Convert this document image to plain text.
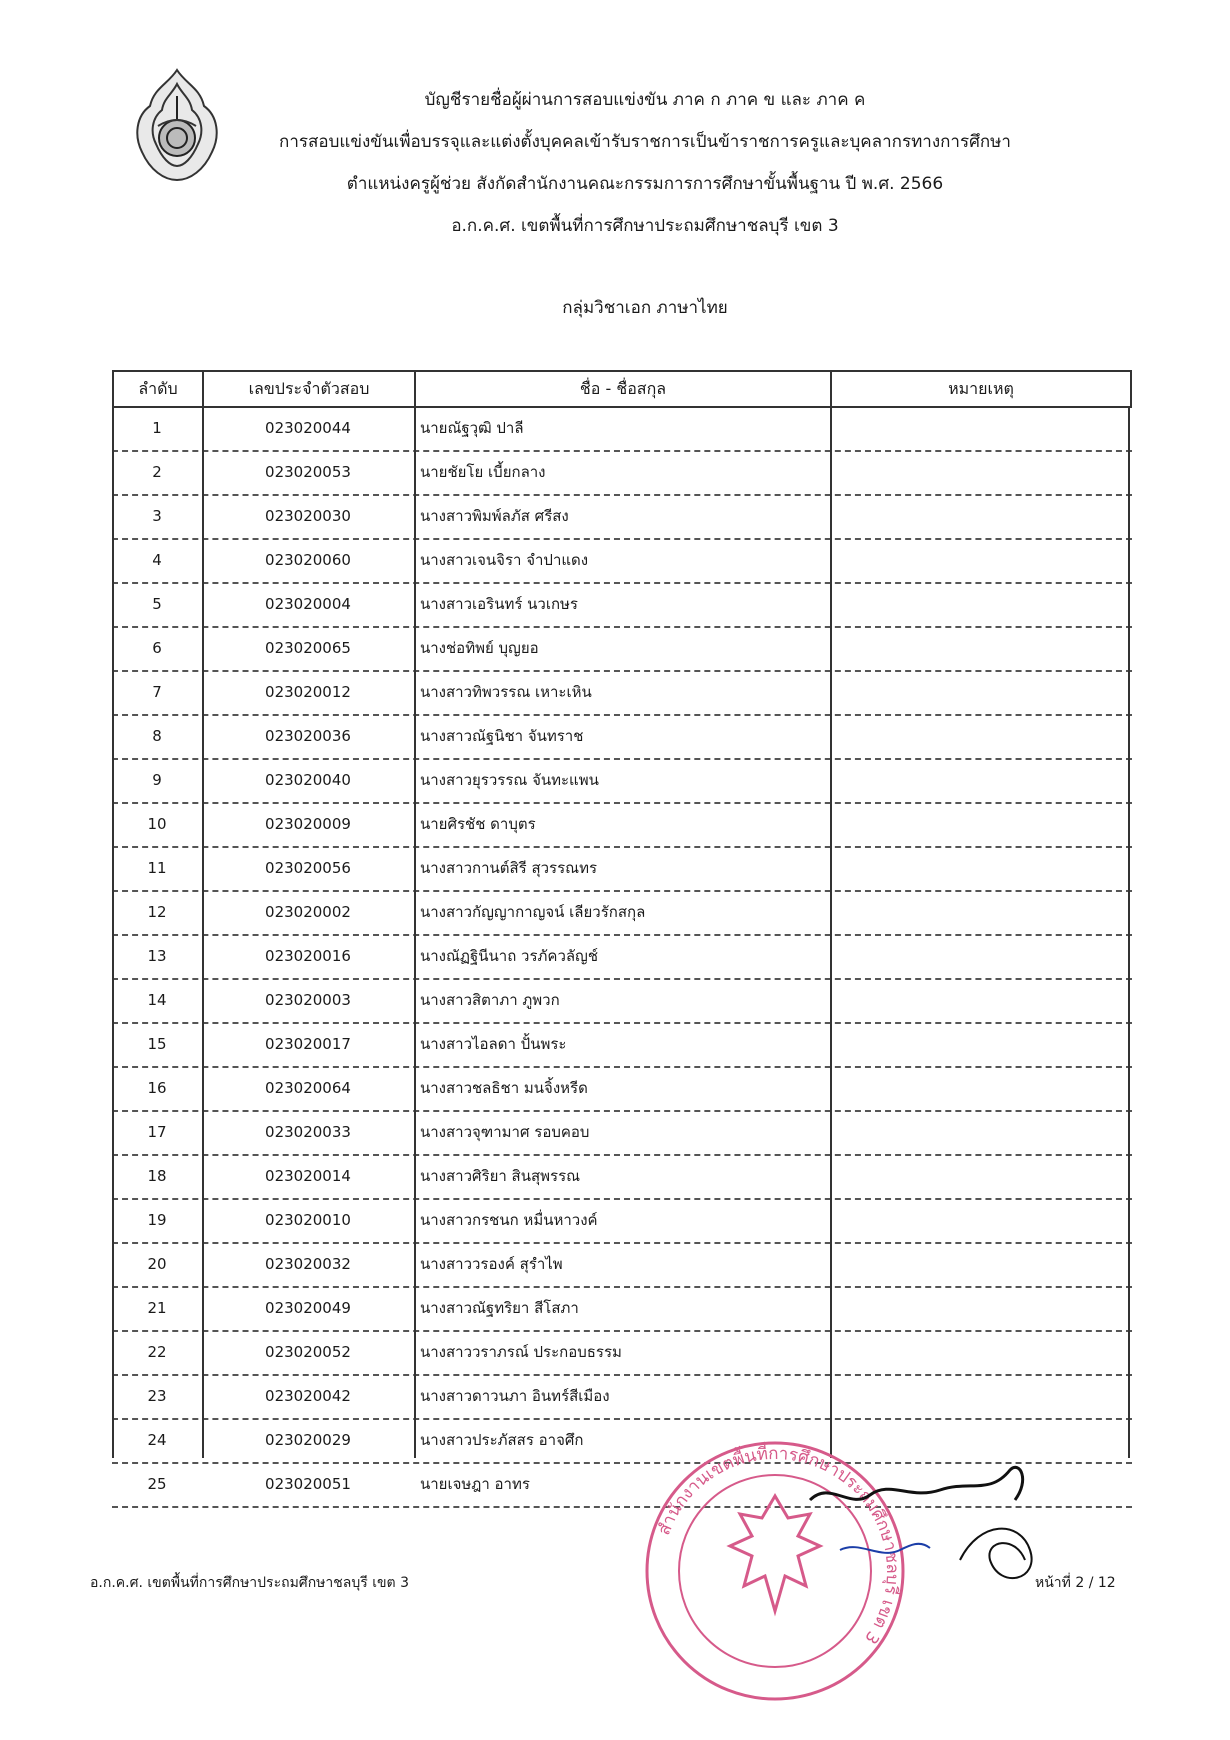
บัญชีรายชื่อผู้ผ่านการสอบแข่งขัน ภาค ก ภาค ข และ ภาค ค
การสอบแข่งขันเพื่อบรรจุและแต่งตั้งบุคคลเข้ารับราชการเป็นข้าราชการครูและบุคลากรทางการศึกษา
ตำแหน่งครูผู้ช่วย สังกัดสำนักงานคณะกรรมการการศึกษาขั้นพื้นฐาน ปี พ.ศ. 2566
อ.ก.ค.ศ. เขตพื้นที่การศึกษาประถมศึกษาชลบุรี เขต 3
กลุ่มวิชาเอก ภาษาไทย
ลำดับ	เลขประจำตัวสอบ	ชื่อ - ชื่อสกุล	หมายเหตุ
1	023020044	นายณัฐวุฒิ ปาลี
2	023020053	นายชัยโย เบี้ยกลาง
3	023020030	นางสาวพิมพ์ลภัส ศรีสง
4	023020060	นางสาวเจนจิรา จำปาแดง
5	023020004	นางสาวเอรินทร์ นวเกษร
6	023020065	นางช่อทิพย์ บุญยอ
7	023020012	นางสาวทิพวรรณ เหาะเหิน
8	023020036	นางสาวณัฐนิชา จันทราช
9	023020040	นางสาวยุรวรรณ จันทะแพน
10	023020009	นายศิรชัช ดาบุตร
11	023020056	นางสาวกานต์สิรี สุวรรณทร
12	023020002	นางสาวกัญญากาญจน์ เลียวรักสกุล
13	023020016	นางณัฏฐินีนาถ วรภัควลัญช์
14	023020003	นางสาวสิตาภา ภูพวก
15	023020017	นางสาวไอลดา ปั้นพระ
16	023020064	นางสาวชลธิชา มนจิ้งหรีด
17	023020033	นางสาวจุฑามาศ รอบคอบ
18	023020014	นางสาวศิริยา สินสุพรรณ
19	023020010	นางสาวกรชนก หมื่นหาวงค์
20	023020032	นางสาววรองค์ สุรำไพ
21	023020049	นางสาวณัฐทริยา สีโสภา
22	023020052	นางสาววราภรณ์ ประกอบธรรม
23	023020042	นางสาวดาวนภา อินทร์สีเมือง
24	023020029	นางสาวประภัสสร อาจศึก
25	023020051	นายเจษฎา อาทร
สำนักงานเขตพื้นที่การศึกษาประถมศึกษาชลบุรี เขต 3
อ.ก.ค.ศ. เขตพื้นที่การศึกษาประถมศึกษาชลบุรี เขต 3	หน้าที่ 2 / 12
